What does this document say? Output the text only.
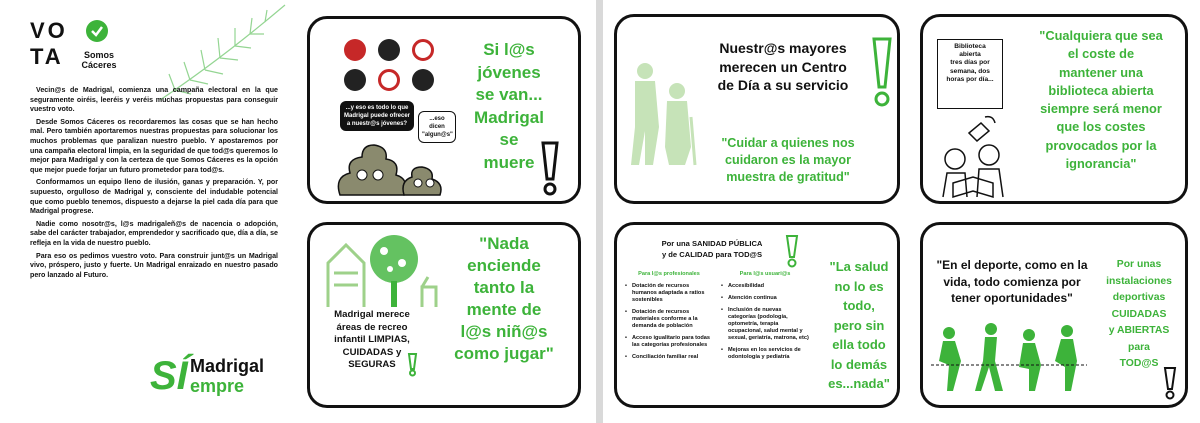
VO
TA	Somos Cáceres

Vecin@s de Madrigal, comienza una campaña electoral en la que seguramente oiréis, leeréis y veréis muchas propuestas para conseguir vuestro voto.

Desde Somos Cáceres os recordaremos las cosas que se han hecho mal. Pero también aportaremos nuestras propuestas para solucionar los muchos problemas que paralizan nuestro pueblo. Y apostaremos por una campaña electoral limpia, en la seguridad de que tod@s queremos lo mejor para Madrigal y con la certeza de que Somos Cáceres es la opción que mejor puede forjar un futuro prometedor para tod@s.

Conformamos un equipo lleno de ilusión, ganas y preparación. Y, por supuesto, orgulloso de Madrigal y, consciente del indudable potencial que como pueblo tenemos, dispuesto a dejarse la piel cada día para que Madrigal progrese.

Nadie como nosotr@s, l@s madrigaleñ@s de nacencia o adopción, sabe del carácter trabajador, emprendedor y sacrificado que, día a día, se refleja en la vida de nuestro pueblo.

Para eso os pedimos vuestro voto. Para construir junt@s un Madrigal vivo, próspero, justo y fuerte. Un Madrigal enraizado en nuestro pasado pero lanzado al Futuro.

SÍ Madrigal
empre
...y eso es todo lo que Madrigal puede ofrecer a nuestr@s jóvenes?
...eso dicen "algun@s"
Si l@s
jóvenes
se van...
Madrigal
se
muere
Madrigal merece
áreas de recreo
infantil LIMPIAS,
CUIDADAS y
SEGURAS
"Nada
enciende
tanto la
mente de
l@s niñ@s
como jugar"
Nuestr@s mayores
merecen un Centro
de Día a su servicio
"Cuidar a quienes nos
cuidaron es la mayor
muestra de gratitud"
Biblioteca
abierta
tres días por
semana, dos
horas por día...
"Cualquiera que sea
el coste de
mantener una
biblioteca abierta
siempre será menor
que los costes
provocados por la
ignorancia"
Por una SANIDAD PÚBLICA
y de CALIDAD para TOD@S
Para l@s profesionales
• Dotación de recursos humanos adaptada a ratios sostenibles
• Dotación de recursos materiales conforme a la demanda de población
• Acceso igualitario para todas las categorías profesionales
• Conciliación familiar real
Para l@s usuari@s
• Accesibilidad
• Atención continua
• Inclusión de nuevas categorías (podología, optometría, terapia ocupacional, salud mental y sexual, geriatría, matrona, etc)
• Mejoras en los servicios de odontología y pediatría
"La salud
no lo es
todo,
pero sin
ella todo
lo demás
es...nada"
"En el deporte, como en la
vida, todo comienza por
tener oportunidades"
Por unas
instalaciones
deportivas
CUIDADAS
y ABIERTAS
para
TOD@S
